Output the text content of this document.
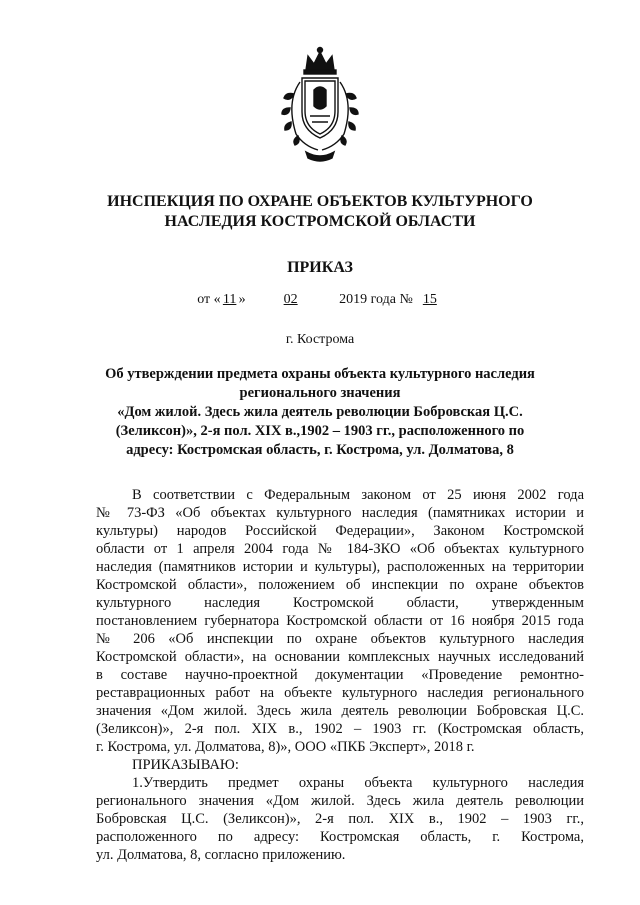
ИНСПЕКЦИЯ ПО ОХРАНЕ ОБЪЕКТОВ КУЛЬТУРНОГО
НАСЛЕДИЯ КОСТРОМСКОЙ ОБЛАСТИ
ПРИКАЗ
от « 11 »	02	2019 года № 15
г. Кострома
Об утверждении предмета охраны объекта культурного наследия
регионального значения
«Дом жилой. Здесь жила деятель революции Бобровская Ц.С.
(Зеликсон)», 2-я пол. XIX в.,1902 – 1903 гг., расположенного по
адресу: Костромская область, г. Кострома, ул. Долматова, 8
В соответствии с Федеральным законом от 25 июня 2002 года
№ 73-ФЗ «Об объектах культурного наследия (памятниках истории и
культуры) народов Российской Федерации», Законом Костромской
области от 1 апреля 2004 года № 184-ЗКО «Об объектах культурного
наследия (памятников истории и культуры), расположенных на территории
Костромской области», положением об инспекции по охране объектов
культурного наследия Костромской области, утвержденным
постановлением губернатора Костромской области от 16 ноября 2015 года
№ 206 «Об инспекции по охране объектов культурного наследия
Костромской области», на основании комплексных научных исследований
в составе научно-проектной документации «Проведение ремонтно-
реставрационных работ на объекте культурного наследия регионального
значения «Дом жилой. Здесь жила деятель революции Бобровская Ц.С.
(Зеликсон)», 2-я пол. XIX в., 1902 – 1903 гг. (Костромская область,
г. Кострома, ул. Долматова, 8)», ООО «ПКБ Эксперт», 2018 г.
ПРИКАЗЫВАЮ:
1.Утвердить предмет охраны объекта культурного наследия
регионального значения «Дом жилой. Здесь жила деятель революции
Бобровская Ц.С. (Зеликсон)», 2-я пол. XIX в., 1902 – 1903 гг.,
расположенного по адресу: Костромская область, г. Кострома,
ул. Долматова, 8, согласно приложению.
